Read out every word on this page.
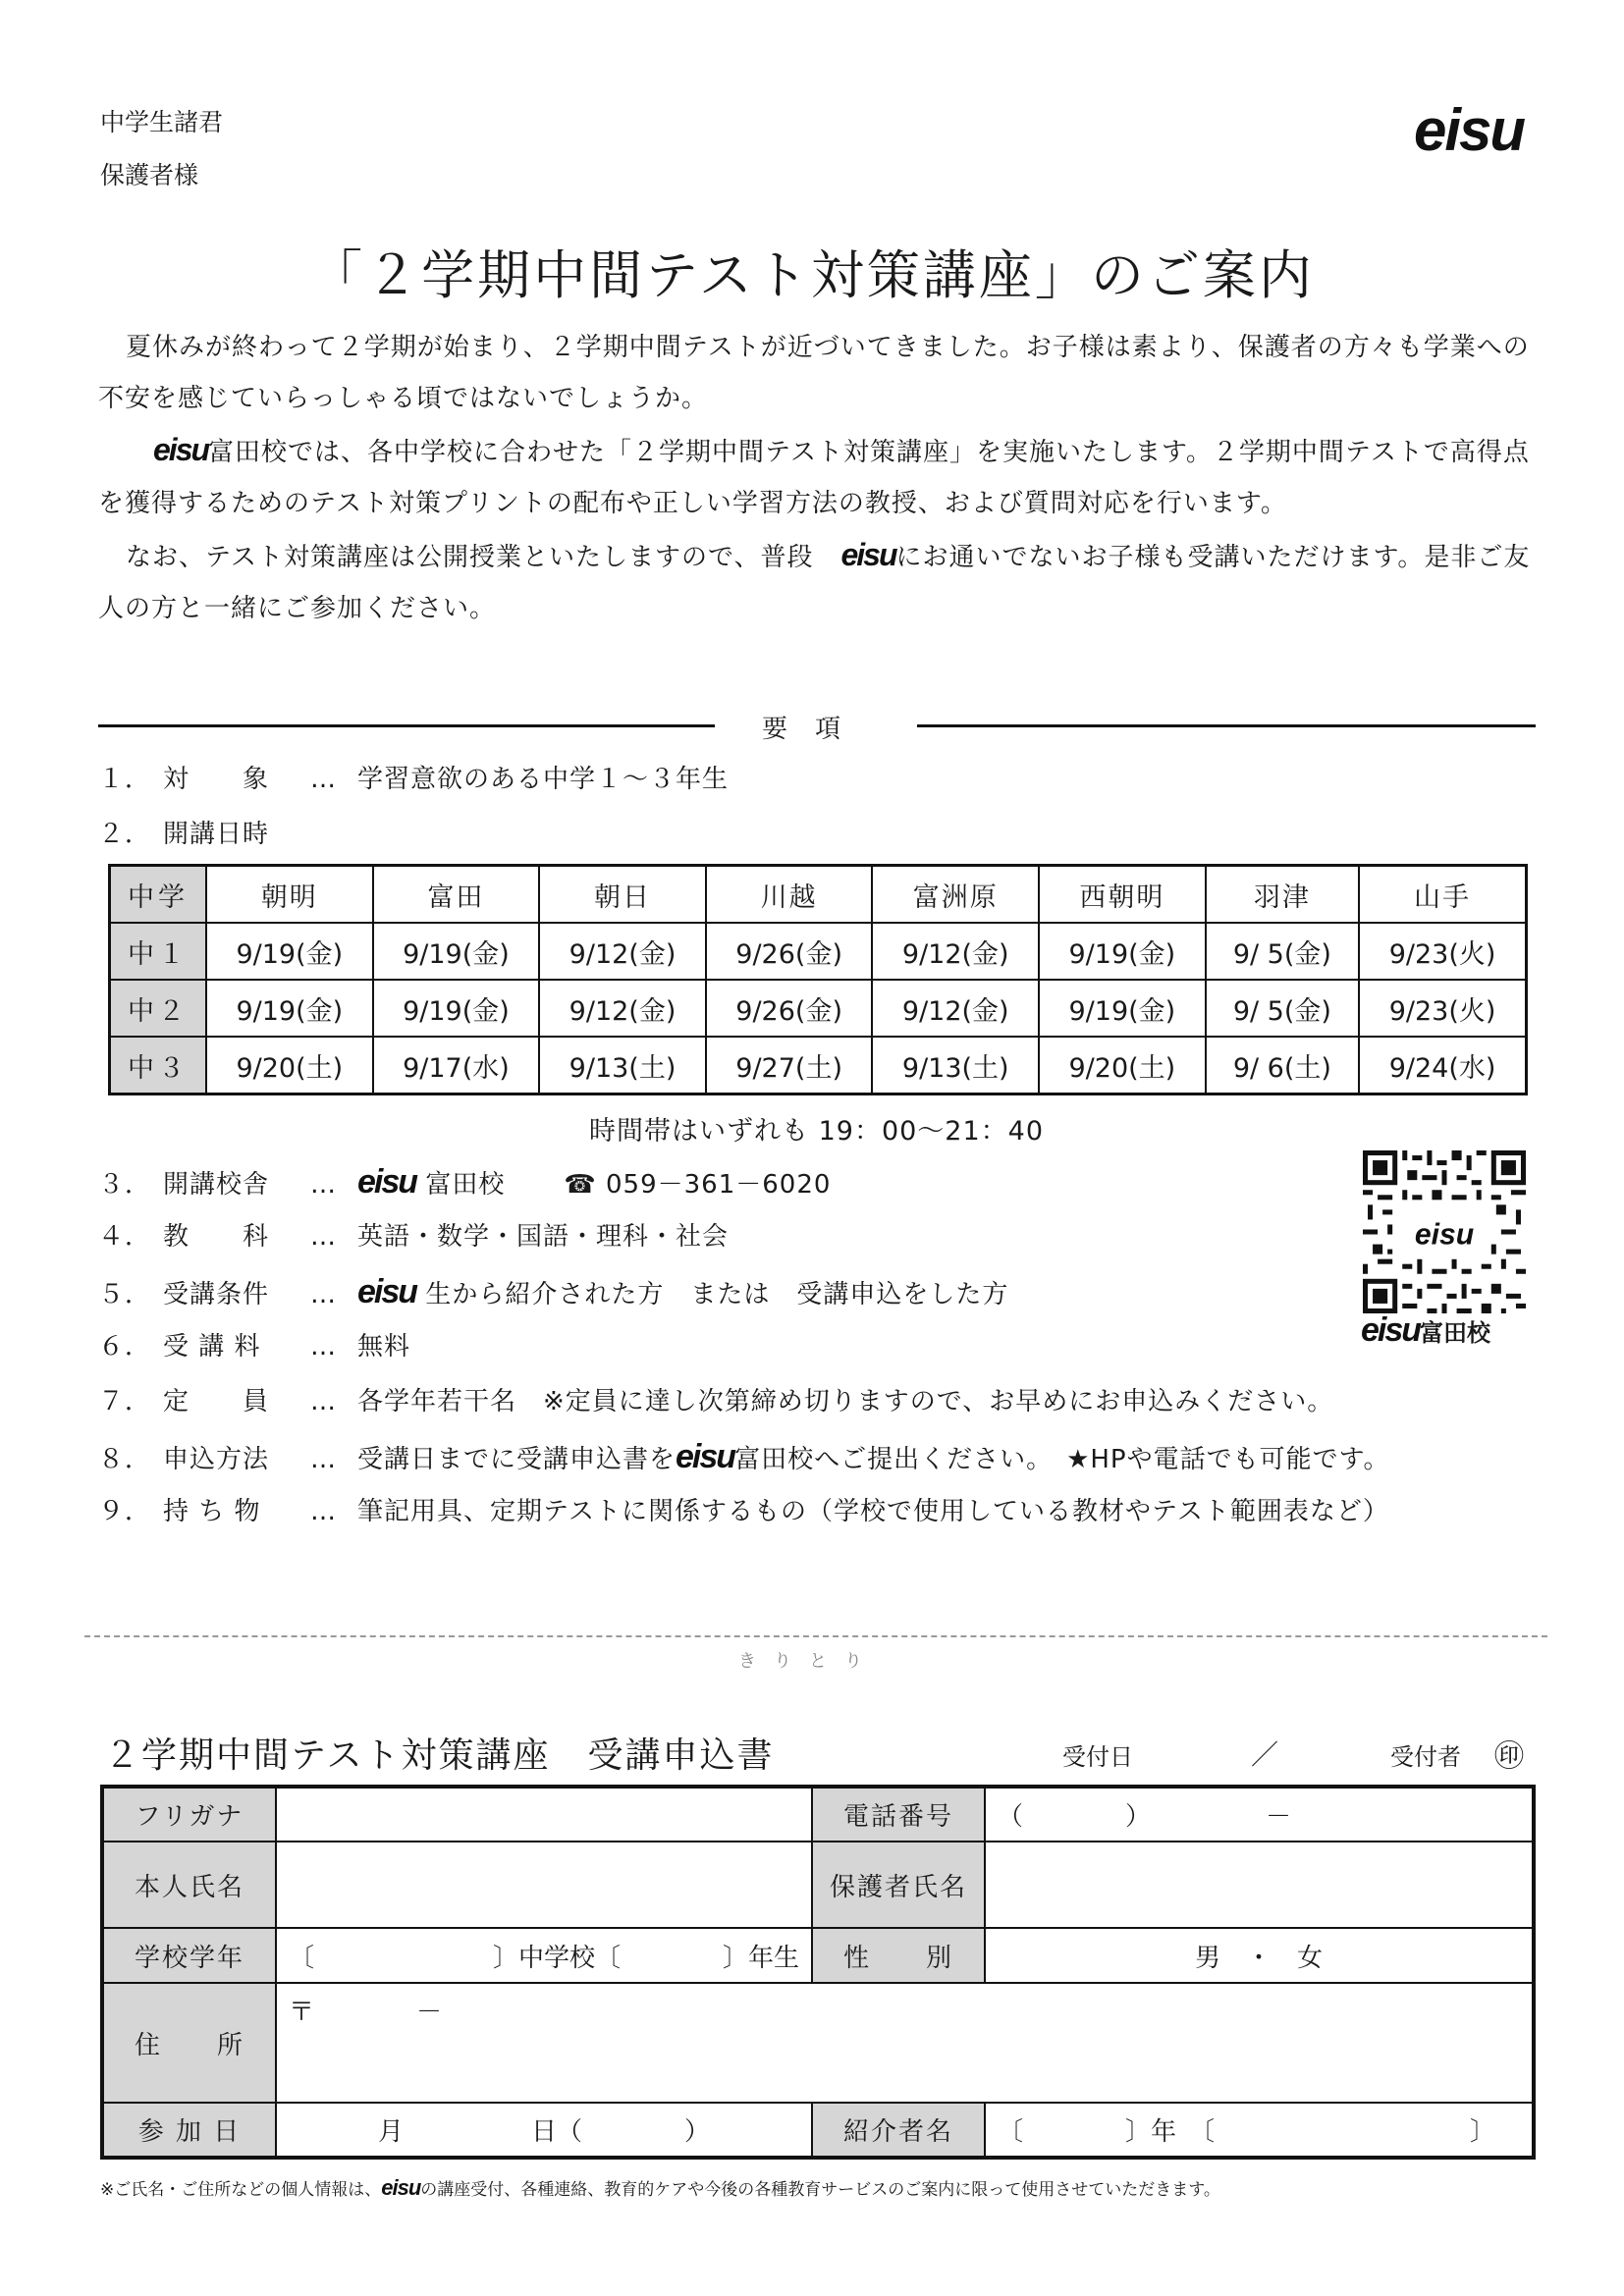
中学生諸君
保護者様
eisu
「２学期中間テスト対策講座」のご案内

夏休みが終わって２学期が始まり、２学期中間テストが近づいてきました。お子様は素より、保護者の方々も学業への不安を感じていらっしゃる頃ではないでしょうか。

eisu富田校では、各中学校に合わせた「２学期中間テスト対策講座」を実施いたします。２学期中間テストで高得点を獲得するためのテスト対策プリントの配布や正しい学習方法の教授、および質問対応を行います。

なお、テスト対策講座は公開授業といたしますので、普段 eisuにお通いでないお子様も受講いただけます。是非ご友人の方と一緒にご参加ください。

要項
１． 対　　象 … 学習意欲のある中学１～３年生
２． 開講日時
中学	朝明	富田	朝日	川越	富洲原	西朝明	羽津	山手
中１	9/19(金)	9/19(金)	9/12(金)	9/26(金)	9/12(金)	9/19(金)	9/ 5(金)	9/23(火)
中２	9/19(金)	9/19(金)	9/12(金)	9/26(金)	9/12(金)	9/19(金)	9/ 5(金)	9/23(火)
中３	9/20(土)	9/17(水)	9/13(土)	9/27(土)	9/13(土)	9/20(土)	9/ 6(土)	9/24(水)
時間帯はいずれも 19：00～21：40
３． 開講校舎 … eisu 富田校 ☎ 059－361－6020
４． 教　　科 … 英語・数学・国語・理科・社会
５． 受講条件 … eisu 生から紹介された方　または　受講申込をした方
６． 受 講 料 … 無料
７． 定　　員 … 各学年若干名　※定員に達し次第締め切りますので、お早めにお申込みください。
８． 申込方法 … 受講日までに受講申込書をeisu富田校へご提出ください。　★HPや電話でも可能です。
９． 持 ち 物 … 筆記用具、定期テストに関係するもの（学校で使用している教材やテスト範囲表など）
eisu
eisu富田校
きりとり
２学期中間テスト対策講座　受講申込書	受付日	／	受付者 ㊞
フリガナ		電話番号	（　　　　）　　　　　－
本人氏名		保護者氏名	
学校学年	〔　　　　　　　〕中学校〔　　　　〕年生	性　　別	男　・　女
住　　所	〒　　　　－		
参 加 日	月　　　　　日（　　　　）	紹介者名	〔　　　　〕年　〔　　　　　　　　　　〕
※ご氏名・ご住所などの個人情報は、eisuの講座受付、各種連絡、教育的ケアや今後の各種教育サービスのご案内に限って使用させていただきます。
